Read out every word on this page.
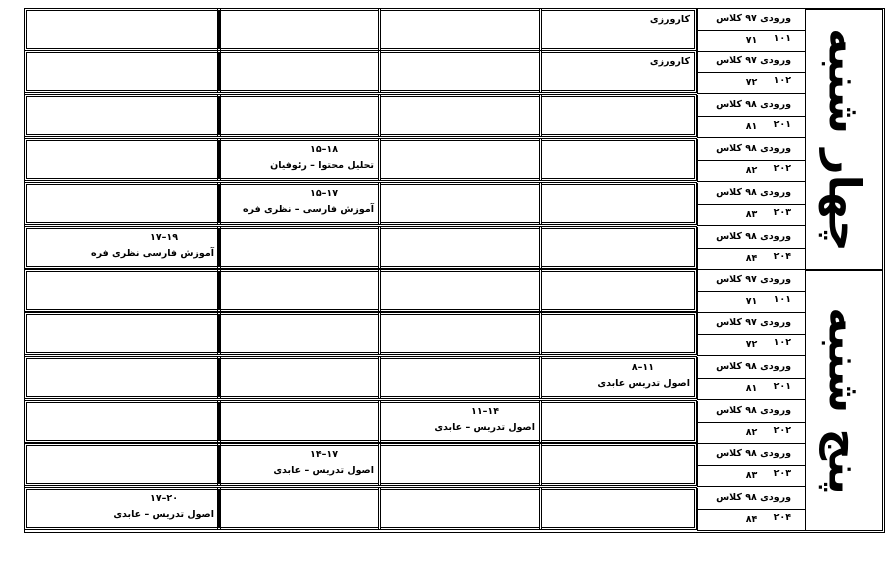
کارورزی	ورودی ۹۷ کلاس ۱۰۱
۷۱
کارورزی	ورودی ۹۷ کلاس ۱۰۲
۷۲
ورودی ۹۸ کلاس ۲۰۱
۸۱
۱۸–۱۵
تحلیل محتوا – رئوفیان
ورودی ۹۸ کلاس ۲۰۲
۸۲
۱۷–۱۵
آموزش فارسی – نظری فره
ورودی ۹۸ کلاس ۲۰۳
۸۳
۱۹–۱۷
آموزش فارسی نظری فره
ورودی ۹۸ کلاس ۲۰۴
۸۴
ورودی ۹۷ کلاس ۱۰۱
۷۱
ورودی ۹۷ کلاس ۱۰۲
۷۲
۱۱–۸
اصول تدریس عابدی
ورودی ۹۸ کلاس ۲۰۱
۸۱
۱۴–۱۱
اصول تدریس – عابدی
ورودی ۹۸ کلاس ۲۰۲
۸۲
۱۷–۱۴
اصول تدریس – عابدی
ورودی ۹۸ کلاس ۲۰۳
۸۳
۲۰–۱۷
اصول تدریس – عابدی
ورودی ۹۸ کلاس ۲۰۴
۸۴
چهار شنبه
پنج شنبه
